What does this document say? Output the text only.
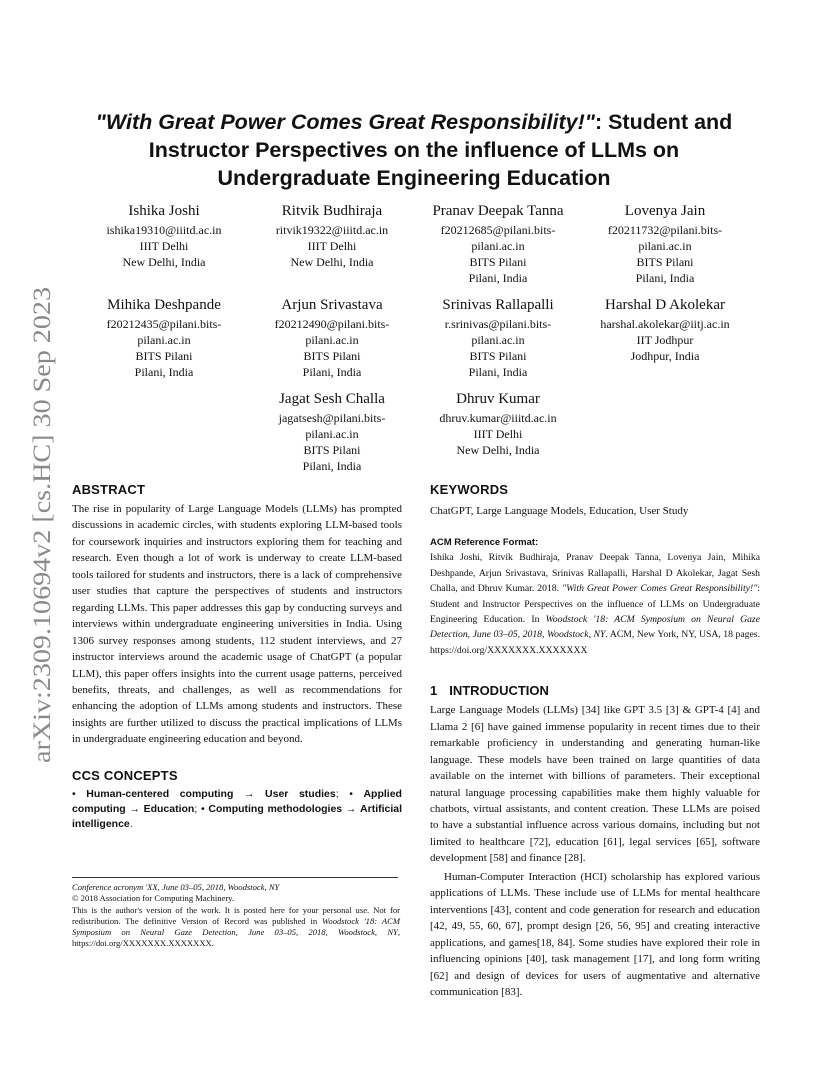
arXiv:2309.10694v2 [cs.HC] 30 Sep 2023
"With Great Power Comes Great Responsibility!": Student and
Instructor Perspectives on the influence of LLMs on
Undergraduate Engineering Education
Ishika Joshi
ishika19310@iiitd.ac.in
IIIT Delhi
New Delhi, India
Ritvik Budhiraja
ritvik19322@iiitd.ac.in
IIIT Delhi
New Delhi, India
Pranav Deepak Tanna
f20212685@pilani.bits-
pilani.ac.in
BITS Pilani
Pilani, India
Lovenya Jain
f20211732@pilani.bits-
pilani.ac.in
BITS Pilani
Pilani, India
Mihika Deshpande
f20212435@pilani.bits-
pilani.ac.in
BITS Pilani
Pilani, India
Arjun Srivastava
f20212490@pilani.bits-
pilani.ac.in
BITS Pilani
Pilani, India
Srinivas Rallapalli
r.srinivas@pilani.bits-
pilani.ac.in
BITS Pilani
Pilani, India
Harshal D Akolekar
harshal.akolekar@iitj.ac.in
IIT Jodhpur
Jodhpur, India
Jagat Sesh Challa
jagatsesh@pilani.bits-
pilani.ac.in
BITS Pilani
Pilani, India
Dhruv Kumar
dhruv.kumar@iiitd.ac.in
IIIT Delhi
New Delhi, India
ABSTRACT

The rise in popularity of Large Language Models (LLMs) has prompted discussions in academic circles, with students exploring LLM-based tools for coursework inquiries and instructors exploring them for teaching and research. Even though a lot of work is underway to create LLM-based tools tailored for students and instructors, there is a lack of comprehensive user studies that capture the perspectives of students and instructors regarding LLMs. This paper addresses this gap by conducting surveys and interviews within undergraduate engineering universities in India. Using 1306 survey responses among students, 112 student interviews, and 27 instructor interviews around the academic usage of ChatGPT (a popular LLM), this paper offers insights into the current usage patterns, perceived benefits, threats, and challenges, as well as recommendations for enhancing the adoption of LLMs among students and instructors. These insights are further utilized to discuss the practical implications of LLMs in undergraduate engineering education and beyond.

CCS CONCEPTS

• Human-centered computing → User studies; • Applied computing → Education; • Computing methodologies → Artificial intelligence.

Conference acronym 'XX, June 03–05, 2018, Woodstock, NY
© 2018 Association for Computing Machinery.
This is the author's version of the work. It is posted here for your personal use. Not for redistribution. The definitive Version of Record was published in Woodstock '18: ACM Symposium on Neural Gaze Detection, June 03–05, 2018, Woodstock, NY, https://doi.org/XXXXXXX.XXXXXXX.
KEYWORDS

ChatGPT, Large Language Models, Education, User Study

ACM Reference Format:

Ishika Joshi, Ritvik Budhiraja, Pranav Deepak Tanna, Lovenya Jain, Mihika Deshpande, Arjun Srivastava, Srinivas Rallapalli, Harshal D Akolekar, Jagat Sesh Challa, and Dhruv Kumar. 2018. "With Great Power Comes Great Responsibility!": Student and Instructor Perspectives on the influence of LLMs on Undergraduate Engineering Education. In Woodstock '18: ACM Symposium on Neural Gaze Detection, June 03–05, 2018, Woodstock, NY. ACM, New York, NY, USA, 18 pages. https://doi.org/XXXXXXX.XXXXXXX

1 INTRODUCTION

Large Language Models (LLMs) [34] like GPT 3.5 [3] & GPT-4 [4] and Llama 2 [6] have gained immense popularity in recent times due to their remarkable proficiency in understanding and generating human-like language. These models have been trained on large quantities of data available on the internet with billions of parameters. Their exceptional natural language processing capabilities make them highly valuable for chatbots, virtual assistants, and content creation. These LLMs are poised to have a substantial influence across various domains, including but not limited to healthcare [72], education [61], legal services [65], software development [58] and finance [28].

Human-Computer Interaction (HCI) scholarship has explored various applications of LLMs. These include use of LLMs for mental healthcare interventions [43], content and code generation for research and education [42, 49, 55, 60, 67], prompt design [26, 56, 95] and creating interactive applications, and games[18, 84]. Some studies have explored their role in influencing opinions [40], task management [17], and long form writing [62] and design of devices for users of augmentative and alternative communication [83].
